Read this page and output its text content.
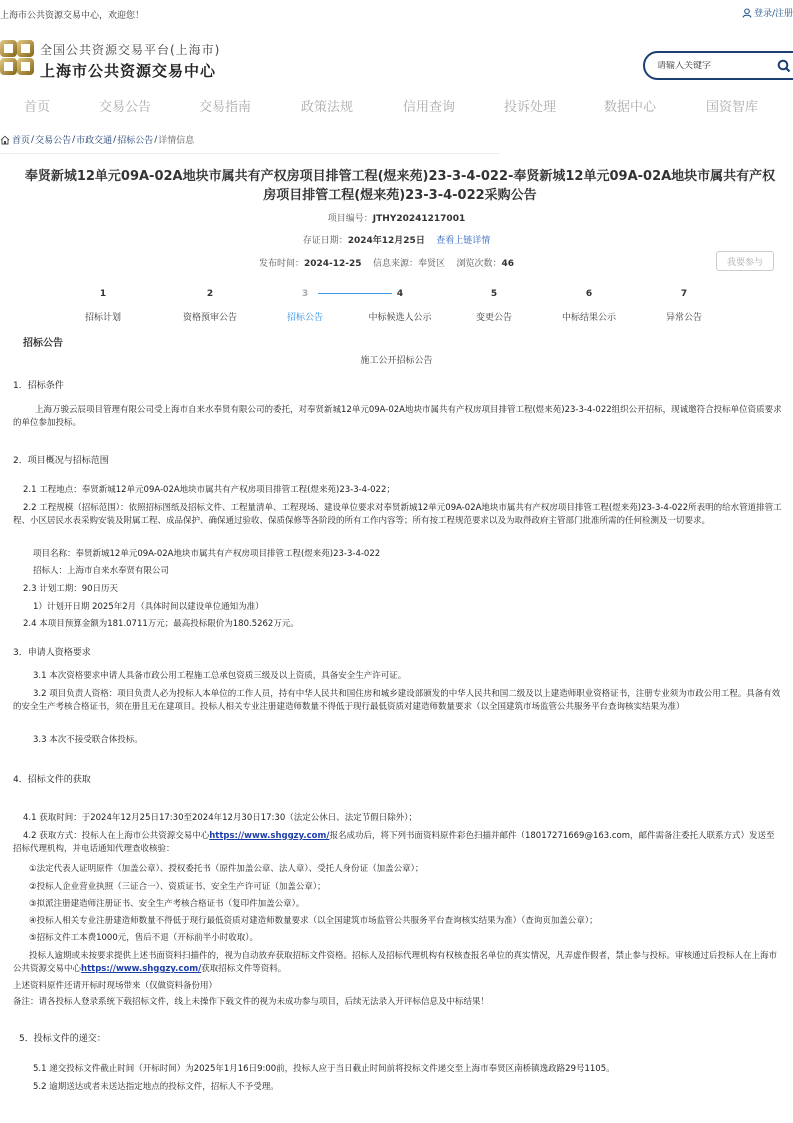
上海市公共资源交易中心，欢迎您！	登录/注册
全国公共资源交易平台(上海市)
上海市公共资源交易中心
请输入关键字
首页	交易公告	交易指南	政策法规	信用查询	投诉处理	数据中心	国资智库
首页 / 交易公告 / 市政交通 / 招标公告 / 详情信息
奉贤新城12单元09A-02A地块市属共有产权房项目排管工程(煜来苑)23-3-4-022-奉贤新城12单元09A-02A地块市属共有产权房项目排管工程(煜来苑)23-3-4-022采购公告
项目编号：JTHY20241217001
存证日期：2024年12月25日 查看上链详情
发布时间：2024-12-25 信息来源：奉贤区 浏览次数：46	我要参与
1
招标计划
2
资格预审公告
3
招标公告
4
中标候选人公示
5
变更公告
6
中标结果公示
7
异常公告
招标公告
施工公开招标公告
1．招标条件
上海万骏云辰项目管理有限公司受上海市自来水奉贤有限公司的委托，对奉贤新城12单元09A-02A地块市属共有产权房项目排管工程(煜来苑)23-3-4-022组织公开招标，现诚邀符合投标单位资质要求的单位参加投标。
2．项目概况与招标范围
2.1 工程地点：奉贤新城12单元09A-02A地块市属共有产权房项目排管工程(煜来苑)23-3-4-022；
2.2 工程规模（招标范围）：依照招标图纸及招标文件、工程量清单、工程现场、建设单位要求对奉贤新城12单元09A-02A地块市属共有产权房项目排管工程(煜来苑)23-3-4-022所表明的给水管道排管工程、小区居民水表采购安装及附属工程、成品保护、确保通过验收、保质保修等各阶段的所有工作内容等；所有按工程规范要求以及为取得政府主管部门批准所需的任何检测及一切要求。
项目名称：奉贤新城12单元09A-02A地块市属共有产权房项目排管工程(煜来苑)23-3-4-022
招标人：上海市自来水奉贤有限公司
2.3 计划工期：90日历天
1）计划开日期 2025年2月（具体时间以建设单位通知为准）
2.4 本项目预算金额为181.0711万元；最高投标限价为180.5262万元。
3．申请人资格要求
3.1 本次资格要求申请人具备市政公用工程施工总承包资质三级及以上资质，具备安全生产许可证。
3.2 项目负责人资格：项目负责人必为投标人本单位的工作人员，持有中华人民共和国住房和城乡建设部颁发的中华人民共和国二级及以上建造师职业资格证书，注册专业须为市政公用工程。具备有效的安全生产考核合格证书，须在册且无在建项目。投标人相关专业注册建造师数量不得低于现行最低资质对建造师数量要求（以全国建筑市场监管公共服务平台查询核实结果为准）
3.3 本次不接受联合体投标。
4．招标文件的获取
4.1 获取时间：于2024年12月25日17:30至2024年12月30日17:30（法定公休日、法定节假日除外）；
4.2 获取方式：投标人在上海市公共资源交易中心https://www.shggzy.com/报名成功后，将下列书面资料原件彩色扫描并邮件（18017271669@163.com，邮件需备注委托人联系方式）发送至招标代理机构，并电话通知代理查收核验：
①法定代表人证明原件（加盖公章）、授权委托书（原件加盖公章、法人章）、受托人身份证（加盖公章）；
②投标人企业营业执照（三证合一）、资质证书、安全生产许可证（加盖公章）；
③拟派注册建造师注册证书、安全生产考核合格证书（复印件加盖公章）。
④投标人相关专业注册建造师数量不得低于现行最低资质对建造师数量要求（以全国建筑市场监管公共服务平台查询核实结果为准）（查询页加盖公章）；
⑤招标文件工本费1000元，售后不退（开标前半小时收取）。
投标人逾期或未按要求提供上述书面资料扫描件的，视为自动放弃获取招标文件资格。招标人及招标代理机构有权核查报名单位的真实情况，凡弄虚作假者，禁止参与投标。审核通过后投标人在上海市公共资源交易中心https://www.shggzy.com/获取招标文件等资料。
上述资料原件还请开标时现场带来（仅做资料备份用）
备注：请各投标人登录系统下载招标文件，线上未操作下载文件的视为未成功参与项目，后续无法录入开评标信息及中标结果！
5．投标文件的递交：
5.1 递交投标文件截止时间（开标时间）为2025年1月16日9:00前，投标人应于当日截止时间前将投标文件递交至上海市奉贤区南桥镇逸政路29号1105。
5.2 逾期送达或者未送达指定地点的投标文件，招标人不予受理。
